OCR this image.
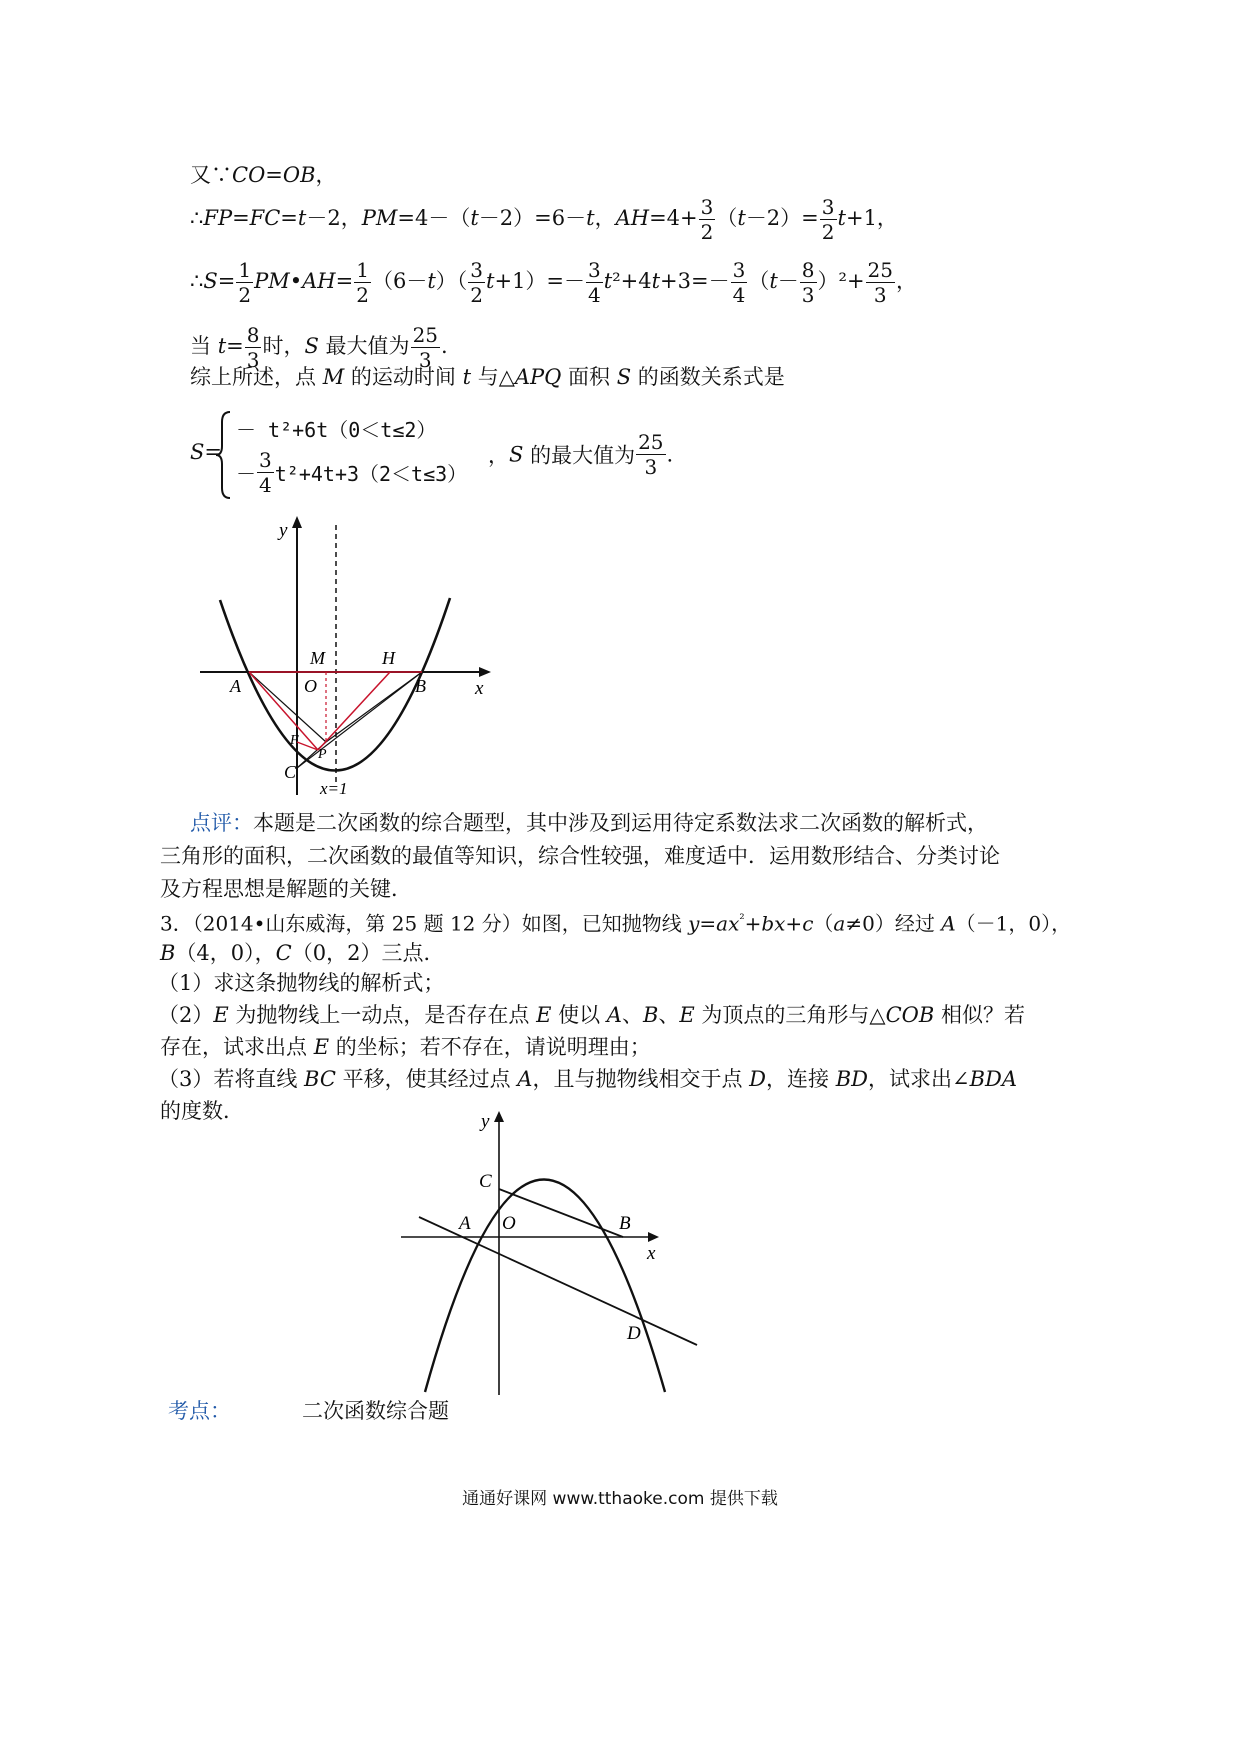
又∵CO=OB，
∴FP=FC=t－2，PM=4－（t－2）=6－t，$AH=4+ \frac{3}{2} (t-2)= \frac{3}{2} t+1$，
∴S= $\frac{1}{2}$ PM•AH= $\frac{1}{2} (6-t)( \frac{3}{2} t+1)=- \frac{3}{4} t^2+4t+3=- \frac{3}{4} (t- \frac{8}{3} )^2+ \frac{25}{3}$ ，
当 $t= \frac{8}{3}$ 时，S 最大值为 $\frac{25}{3}$ .
综上所述，点 M 的运动时间 t 与△APQ 面积 S 的函数关系式是
S=
－ t²+6t（0＜t≤2）
－ $\frac{3}{4} t^2+4t+3(2<t\le 3)$
，S 的最大值为 $\frac{25}{3}$ .
y
x
M	H
A	O	B
F
P
C
x=1
点评：本题是二次函数的综合题型，其中涉及到运用待定系数法求二次函数的解析式，
三角形的面积，二次函数的最值等知识，综合性较强，难度适中．运用数形结合、分类讨论
及方程思想是解题的关键．
3．（2014•山东威海，第 25 题 12 分）如图，已知抛物线 $y=ax^{^2}+bx+c(a\ne 0)$经过 A（－1，0），
B（4，0），C（0，2）三点．
（1）求这条抛物线的解析式；
（2）E 为抛物线上一动点，是否存在点 E 使以 A、B、E 为顶点的三角形与△COB 相似？若
存在，试求出点 E 的坐标；若不存在，请说明理由；
（3）若将直线 BC 平移，使其经过点 A，且与抛物线相交于点 D，连接 BD，试求出∠BDA
的度数．	y
x
C
A O	B
D
考点：	二次函数综合题
通通好课网 www.tthaoke.com 提供下载
